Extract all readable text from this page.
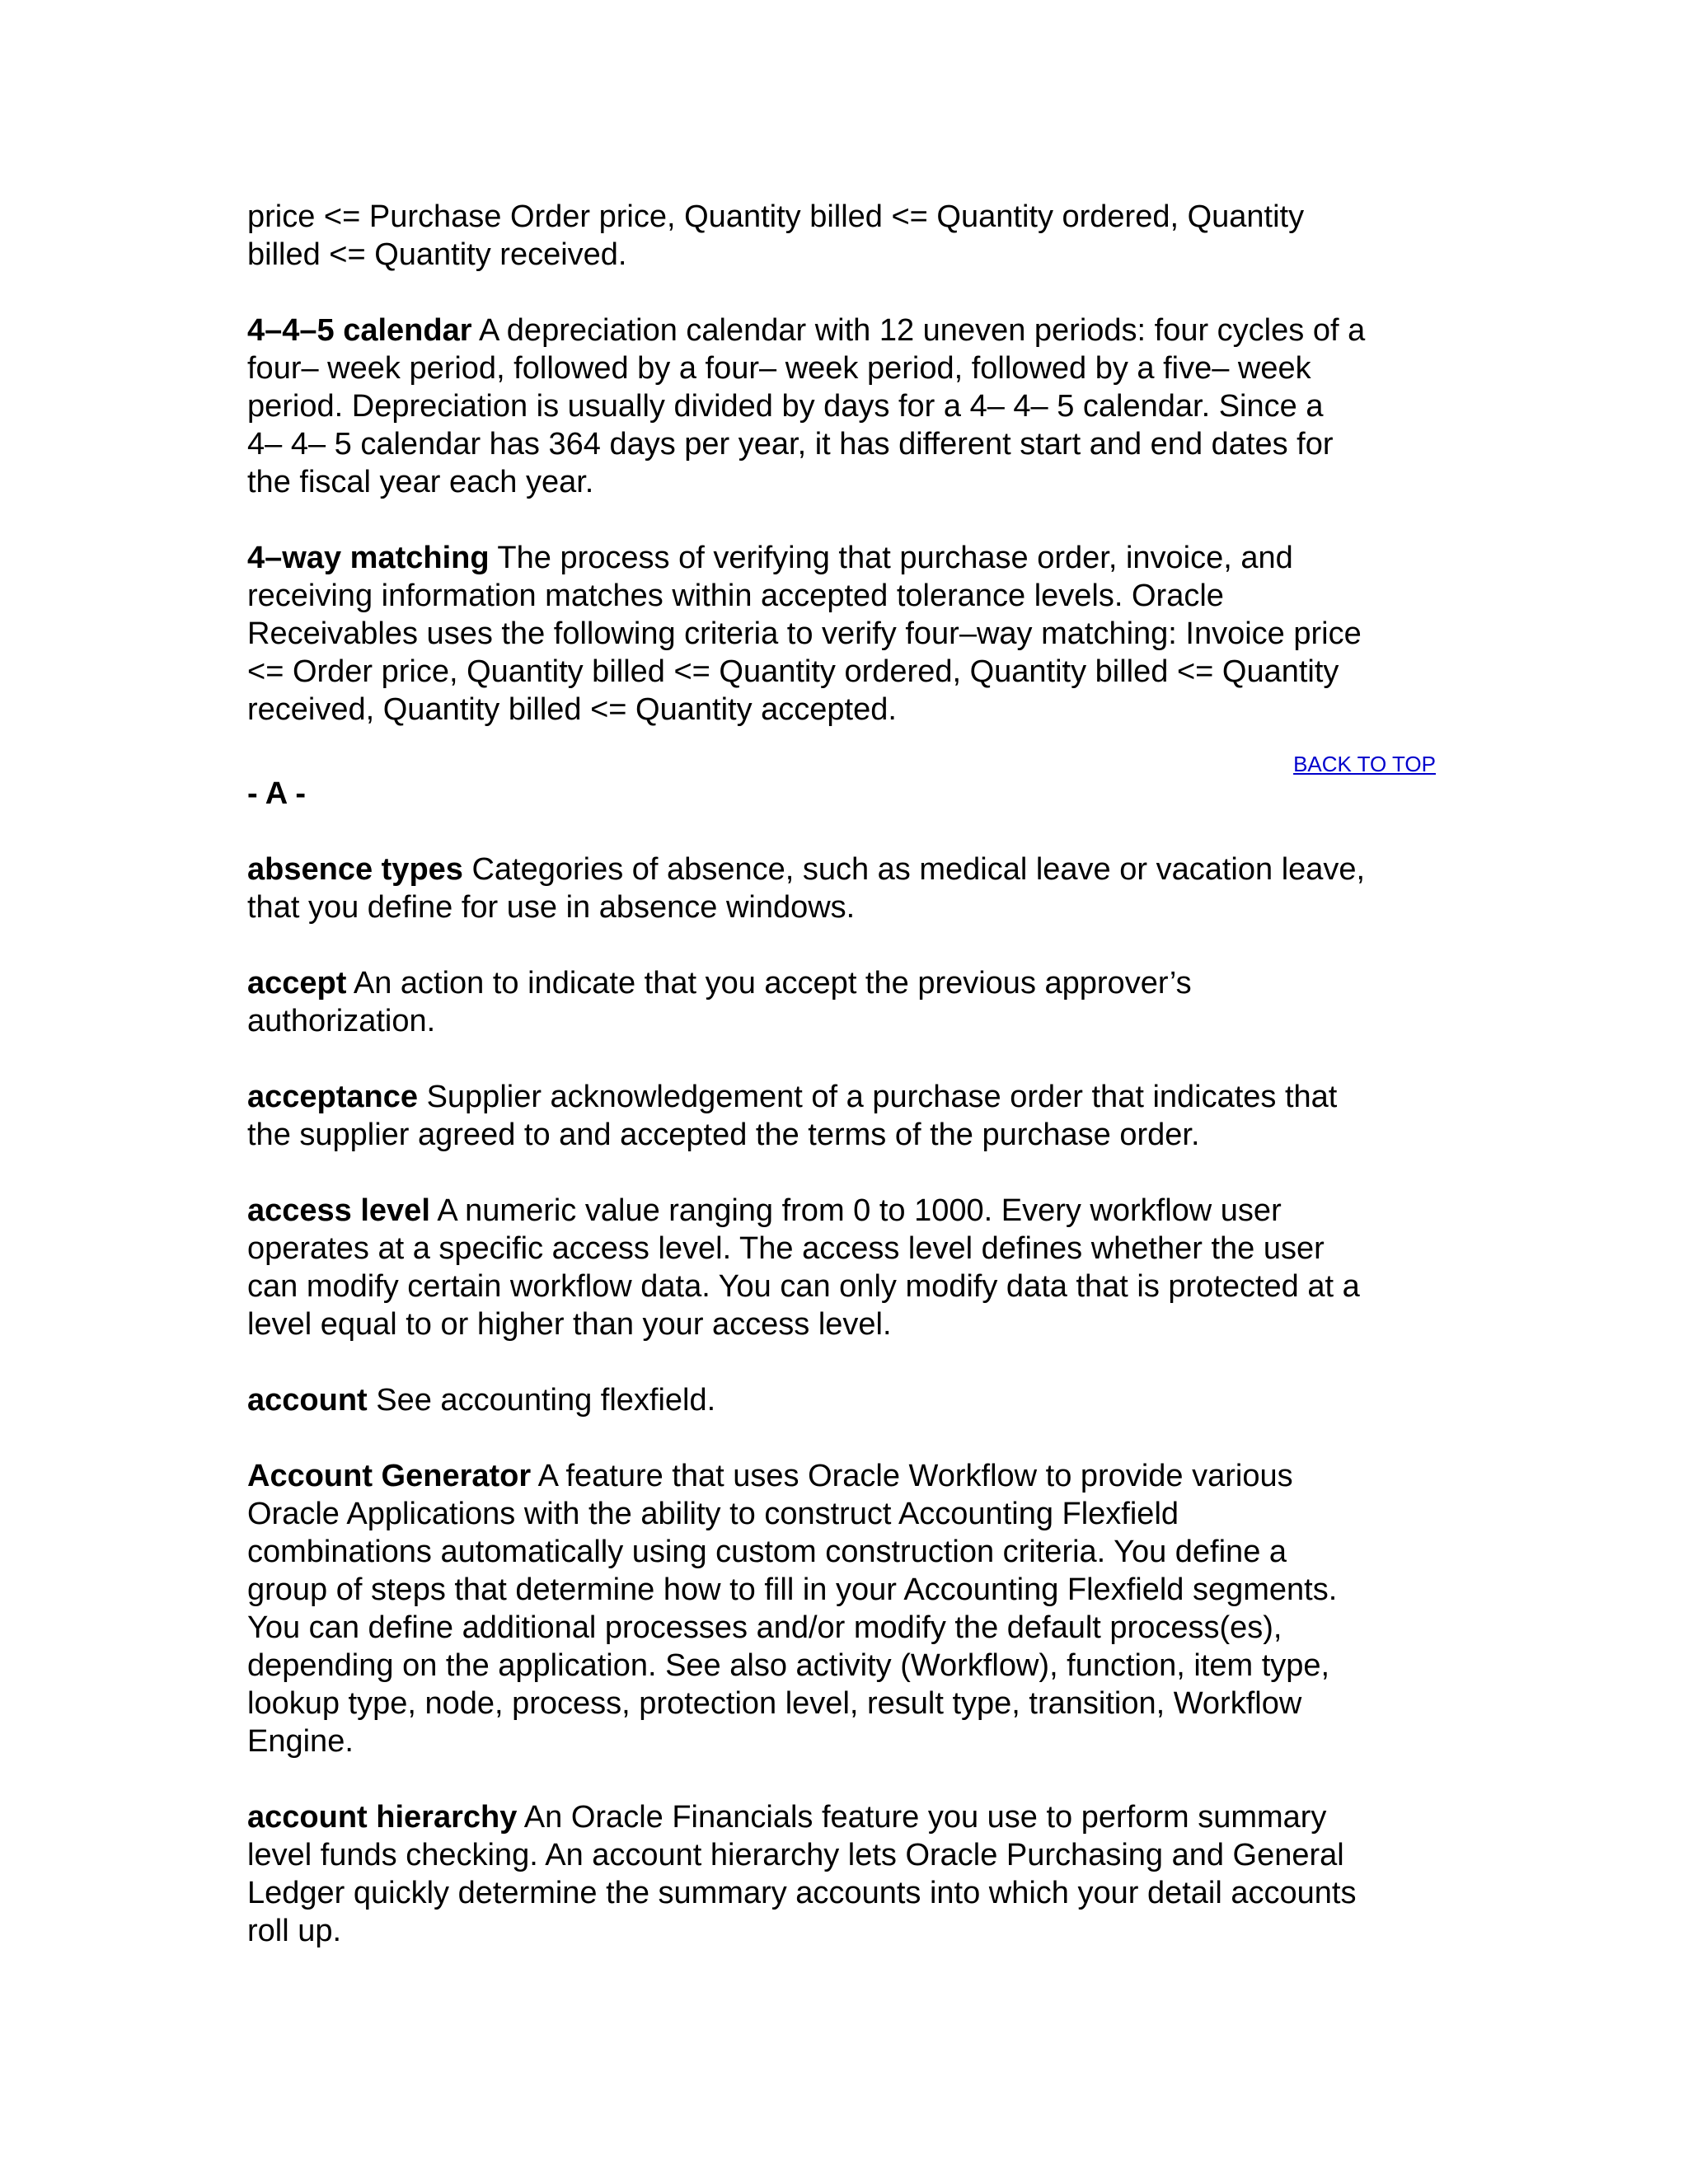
price <= Purchase Order price, Quantity billed <= Quantity ordered, Quantity
billed <= Quantity received.

4–4–5 calendar A depreciation calendar with 12 uneven periods: four cycles of a
four– week period, followed by a four– week period, followed by a five– week
period. Depreciation is usually divided by days for a 4– 4– 5 calendar. Since a
4– 4– 5 calendar has 364 days per year, it has different start and end dates for
the fiscal year each year.

4–way matching The process of verifying that purchase order, invoice, and
receiving information matches within accepted tolerance levels. Oracle
Receivables uses the following criteria to verify four–way matching: Invoice price
<= Order price, Quantity billed <= Quantity ordered, Quantity billed <= Quantity
received, Quantity billed <= Quantity accepted.

BACK TO TOP
- A -

absence types Categories of absence, such as medical leave or vacation leave,
that you define for use in absence windows.

accept An action to indicate that you accept the previous approver’s
authorization.

acceptance Supplier acknowledgement of a purchase order that indicates that
the supplier agreed to and accepted the terms of the purchase order.

access level A numeric value ranging from 0 to 1000. Every workflow user
operates at a specific access level. The access level defines whether the user
can modify certain workflow data. You can only modify data that is protected at a
level equal to or higher than your access level.

account See accounting flexfield.

Account Generator A feature that uses Oracle Workflow to provide various
Oracle Applications with the ability to construct Accounting Flexfield
combinations automatically using custom construction criteria. You define a
group of steps that determine how to fill in your Accounting Flexfield segments.
You can define additional processes and/or modify the default process(es),
depending on the application. See also activity (Workflow), function, item type,
lookup type, node, process, protection level, result type, transition, Workflow
Engine.

account hierarchy An Oracle Financials feature you use to perform summary
level funds checking. An account hierarchy lets Oracle Purchasing and General
Ledger quickly determine the summary accounts into which your detail accounts
roll up.
